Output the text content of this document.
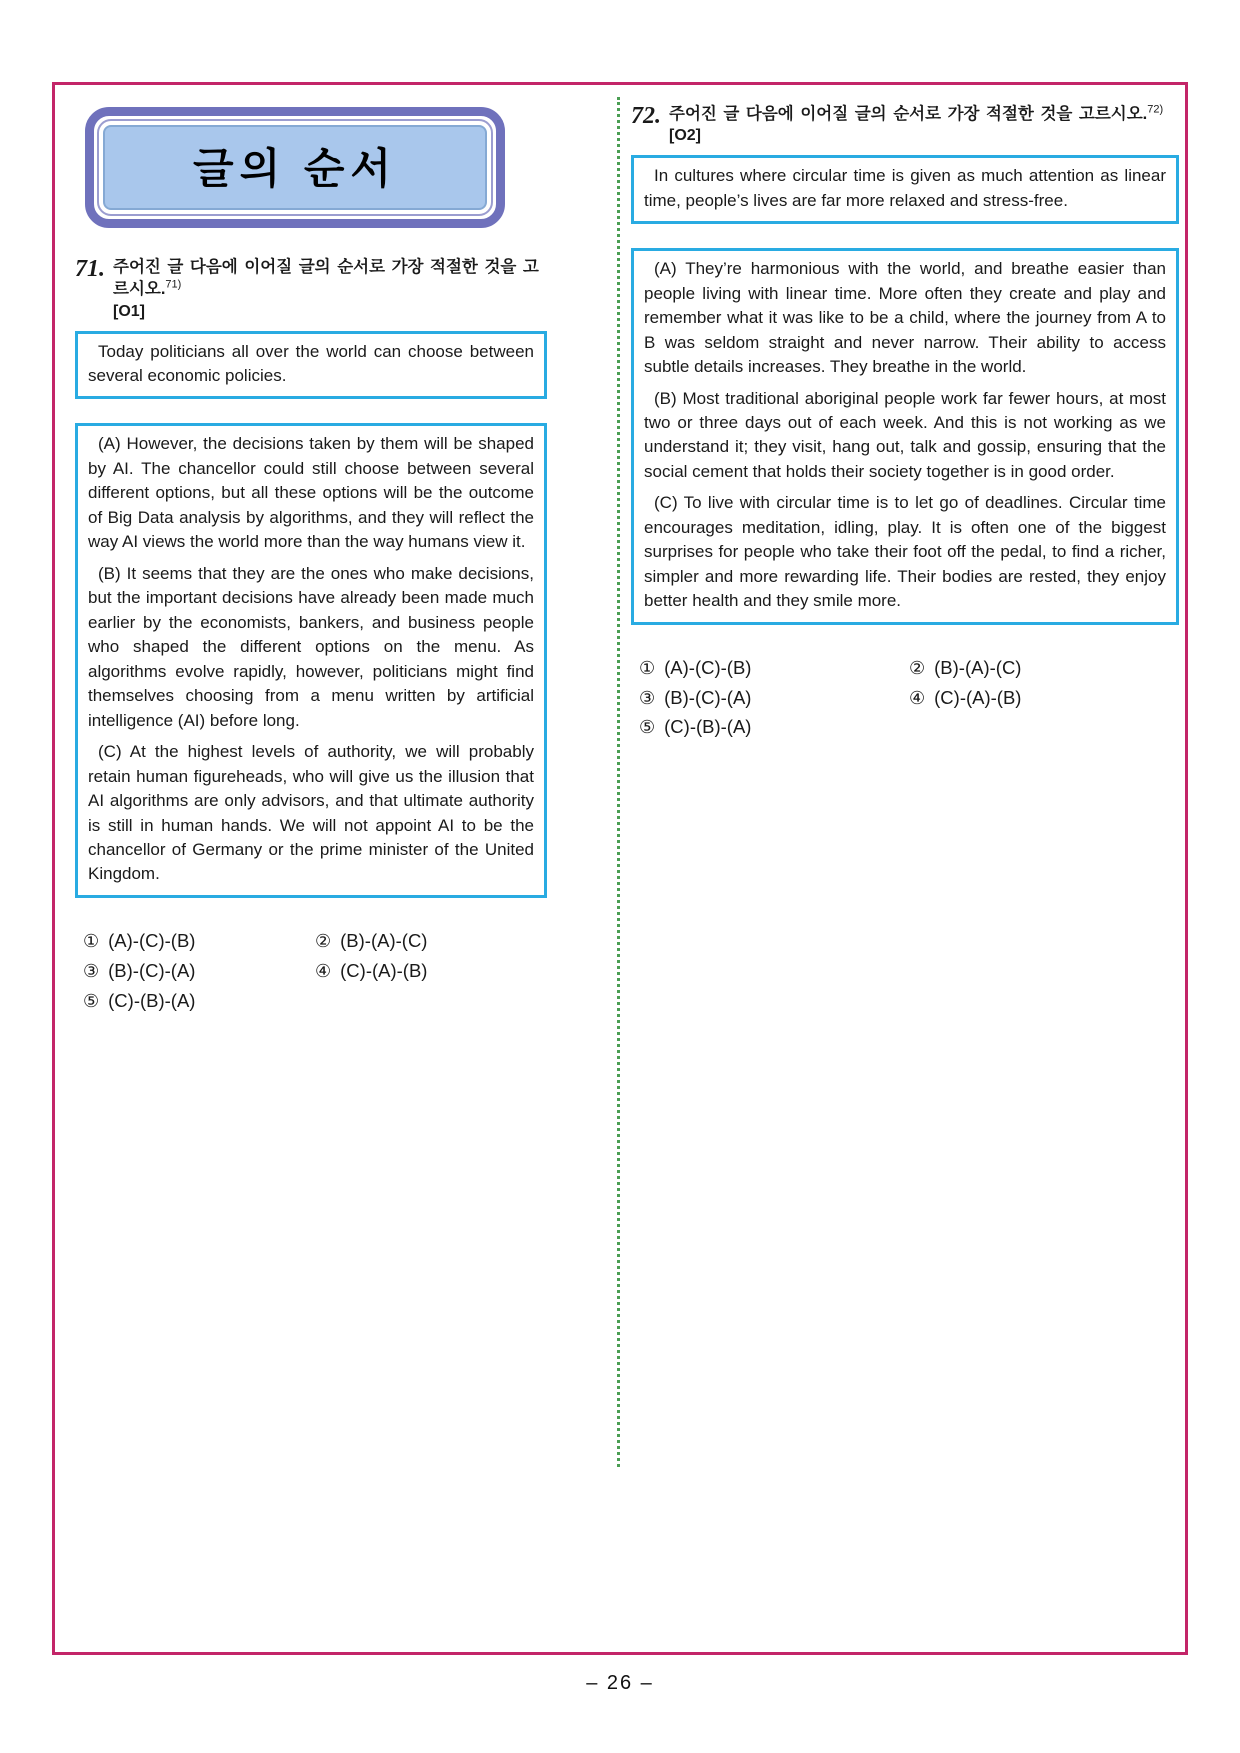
글의 순서
71. 주어진 글 다음에 이어질 글의 순서로 가장 적절한 것을 고르시오.$^{71)}$
[O1]

Today politicians all over the world can choose between several economic policies.

(A) However, the decisions taken by them will be shaped by AI. The chancellor could still choose between several different options, but all these options will be the outcome of Big Data analysis by algorithms, and they will reflect the way AI views the world more than the way humans view it.

(B) It seems that they are the ones who make decisions, but the important decisions have already been made much earlier by the economists, bankers, and business people who shaped the different options on the menu. As algorithms evolve rapidly, however, politicians might find themselves choosing from a menu written by artificial intelligence (AI) before long.

(C) At the highest levels of authority, we will probably retain human figureheads, who will give us the illusion that AI algorithms are only advisors, and that ultimate authority is still in human hands. We will not appoint AI to be the chancellor of Germany or the prime minister of the United Kingdom.

① (A)-(C)-(B)	② (B)-(A)-(C)
③ (B)-(C)-(A)	④ (C)-(A)-(B)
⑤ (C)-(B)-(A)
72. 주어진 글 다음에 이어질 글의 순서로 가장 적절한 것을 고르시오.$^{72)}$
[O2]

In cultures where circular time is given as much attention as linear time, people’s lives are far more relaxed and stress-free.

(A) They’re harmonious with the world, and breathe easier than people living with linear time. More often they create and play and remember what it was like to be a child, where the journey from A to B was seldom straight and never narrow. Their ability to access subtle details increases. They breathe in the world.

(B) Most traditional aboriginal people work far fewer hours, at most two or three days out of each week. And this is not working as we understand it; they visit, hang out, talk and gossip, ensuring that the social cement that holds their society together is in good order.

(C) To live with circular time is to let go of deadlines. Circular time encourages meditation, idling, play. It is often one of the biggest surprises for people who take their foot off the pedal, to find a richer, simpler and more rewarding life. Their bodies are rested, they enjoy better health and they smile more.

① (A)-(C)-(B)	② (B)-(A)-(C)
③ (B)-(C)-(A)	④ (C)-(A)-(B)
⑤ (C)-(B)-(A)
– 26 –
